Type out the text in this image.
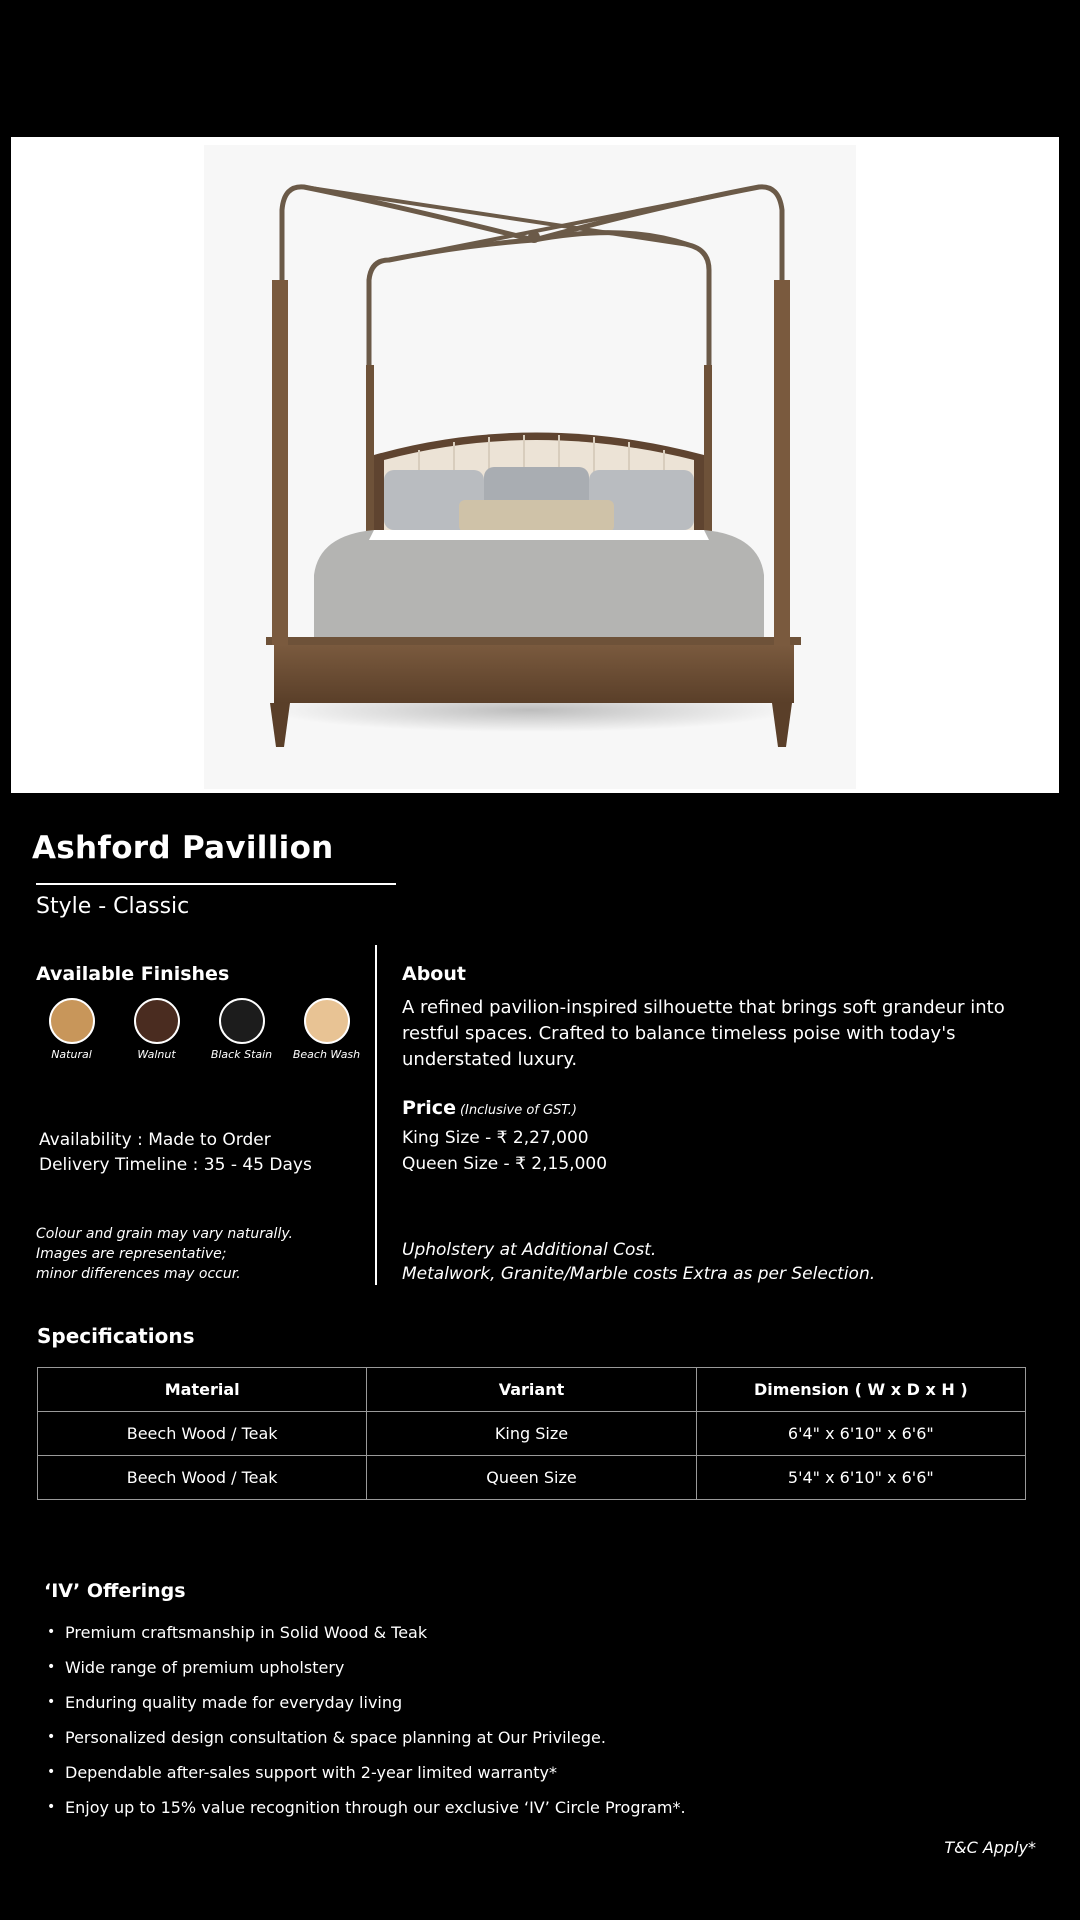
Ashford Pavillion
Style - Classic
Available Finishes
Natural	Walnut	Black Stain	Beach Wash
Availability : Made to Order
Delivery Timeline : 35 - 45 Days
Colour and grain may vary naturally.
Images are representative;
minor differences may occur.
About
A refined pavilion-inspired silhouette that brings soft grandeur into restful spaces. Crafted to balance timeless poise with today's understated luxury.
Price (Inclusive of GST.)
King Size - ₹ 2,27,000
Queen Size - ₹ 2,15,000
Upholstery at Additional Cost.
Metalwork, Granite/Marble costs Extra as per Selection.
Specifications
Material	Variant	Dimension ( W x D x H )
Beech Wood / Teak	King Size	6'4" x 6'10" x 6'6"
Beech Wood / Teak	Queen Size	5'4" x 6'10" x 6'6"
‘IV’ Offerings
• Premium craftsmanship in Solid Wood & Teak
• Wide range of premium upholstery
• Enduring quality made for everyday living
• Personalized design consultation & space planning at Our Privilege.
• Dependable after-sales support with 2-year limited warranty*
• Enjoy up to 15% value recognition through our exclusive ‘IV’ Circle Program*.
T&C Apply*
